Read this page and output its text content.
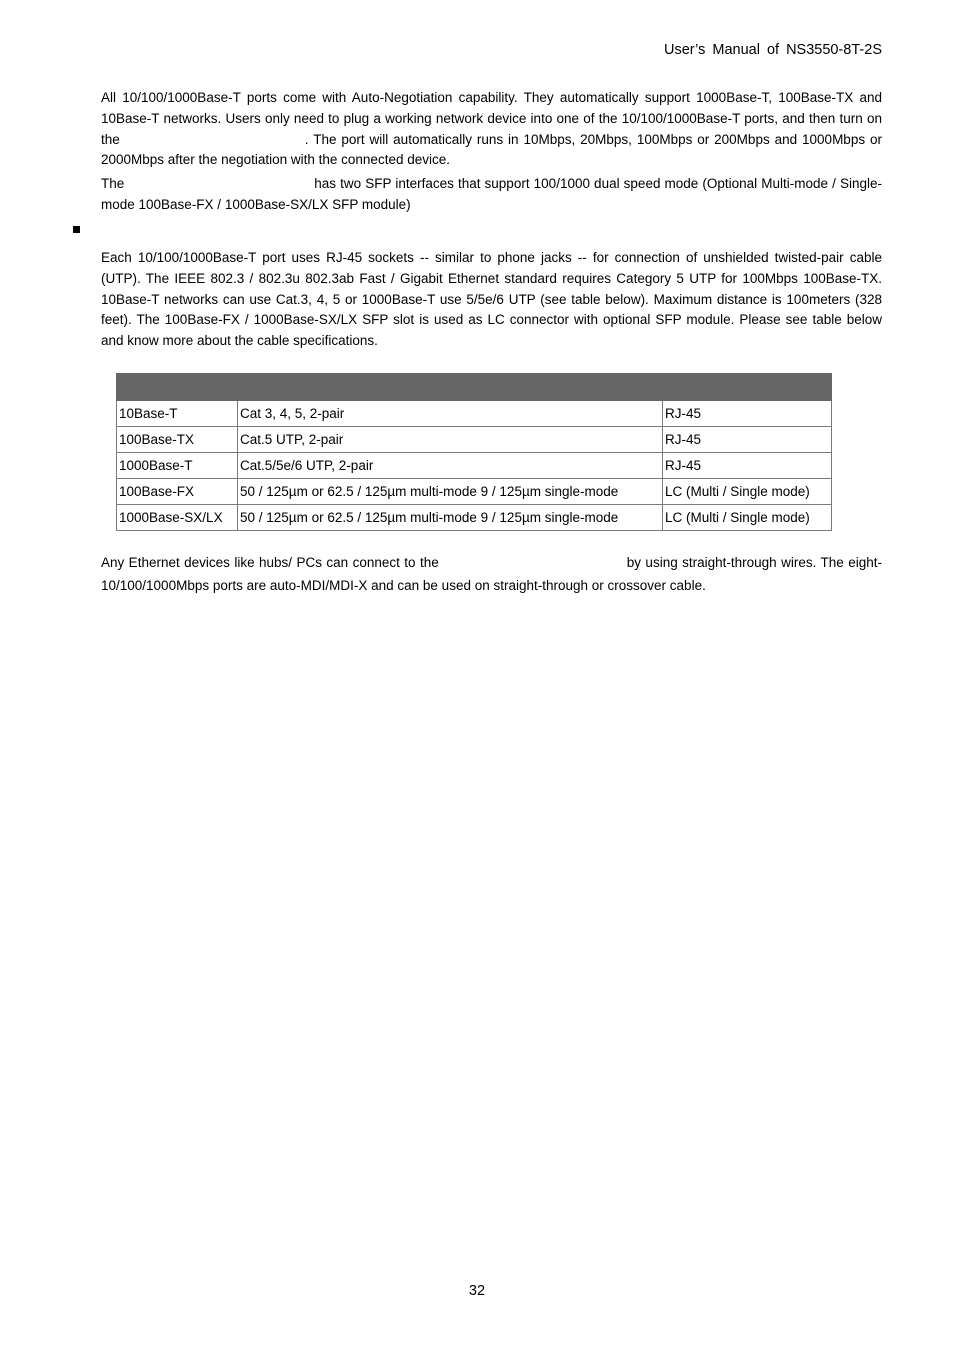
User’s Manual of NS3550-8T-2S

All 10/100/1000Base-T ports come with Auto-Negotiation capability. They automatically support 1000Base-T, 100Base-TX and 10Base-T networks. Users only need to plug a working network device into one of the 10/100/1000Base-T ports, and then turn on the	. The port will automatically runs in 10Mbps, 20Mbps, 100Mbps or 200Mbps and 1000Mbps or 2000Mbps after the negotiation with the connected device.

The	has two SFP interfaces that support 100/1000 dual speed mode (Optional Multi-mode / Single-mode 100Base-FX / 1000Base-SX/LX SFP module)

Each 10/100/1000Base-T port uses RJ-45 sockets -- similar to phone jacks -- for connection of unshielded twisted-pair cable (UTP). The IEEE 802.3 / 802.3u 802.3ab Fast / Gigabit Ethernet standard requires Category 5 UTP for 100Mbps 100Base-TX. 10Base-T networks can use Cat.3, 4, 5 or 1000Base-T use 5/5e/6 UTP (see table below). Maximum distance is 100meters (328 feet). The 100Base-FX / 1000Base-SX/LX SFP slot is used as LC connector with optional SFP module. Please see table below and know more about the cable specifications.

10Base-T	Cat 3, 4, 5, 2-pair	RJ-45
100Base-TX	Cat.5 UTP, 2-pair	RJ-45
1000Base-T	Cat.5/5e/6 UTP, 2-pair	RJ-45
100Base-FX	50 / 125µm or 62.5 / 125µm multi-mode 9 / 125µm single-mode	LC (Multi / Single mode)
1000Base-SX/LX	50 / 125µm or 62.5 / 125µm multi-mode 9 / 125µm single-mode	LC (Multi / Single mode)

Any Ethernet devices like hubs/ PCs can connect to the	by using straight-through wires. The eight-10/100/1000Mbps ports are auto-MDI/MDI-X and can be used on straight-through or crossover cable.

32
